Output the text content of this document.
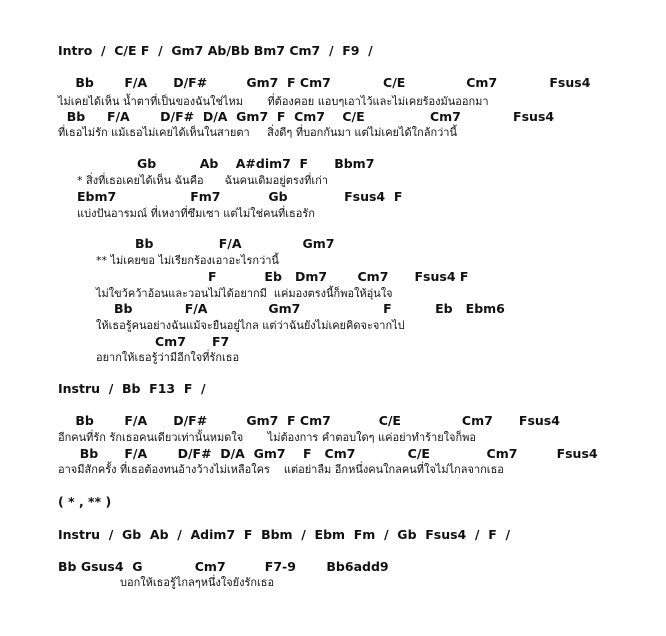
Intro  /  C/E F  /  Gm7 Ab/Bb Bm7 Cm7  /  F9  /
Bb       F/A      D/F#         Gm7  F Cm7            C/E              Cm7            Fsus4
ไม่เคยได้เห็น น้ำตาที่เป็นของฉันใช่ไหม       ที่ต้องคอย แอบๆเอาไว้และไม่เคยร้องมันออกมา
Bb     F/A       D/F#  D/A  Gm7  F  Cm7    C/E               Cm7            Fsus4
ที่เธอไม่รัก แม้เธอไม่เคยได้เห็นในสายตา     สิ่งดีๆ ที่บอกกันมา แต่ไม่เคยได้ใกล้กว่านี้
Gb          Ab    A#dim7  F      Bbm7
* สิ่งที่เธอเคยได้เห็น ฉันคือ      ฉันคนเดิมอยู่ตรงที่เก่า
Ebm7                 Fm7           Gb             Fsus4  F
แบ่งปันอารมณ์ ที่เหงาที่ซึมเซา แต่ไม่ใช่คนที่เธอรัก
Bb               F/A              Gm7
** ไม่เคยขอ ไม่เรียกร้องเอาอะไรกว่านี้
F           Eb   Dm7       Cm7      Fsus4 F
ไม่ใขว้คว้าอ้อนและวอนไม่ได้อยากมี  แค่มองตรงนี้ก็พอให้อุ่นใจ
Bb            F/A              Gm7                   F          Eb   Ebm6
ให้เธอรู้คนอย่างฉันแม้จะยืนอยู่ไกล แต่ว่าฉันยังไม่เคยคิดจะจากไป
Cm7      F7
อยากให้เธอรู้ว่ามีอีกใจที่รักเธอ
Instru  /  Bb  F13  F  /
Bb       F/A      D/F#         Gm7  F Cm7           C/E              Cm7      Fsus4
อีกคนที่รัก รักเธอคนเดียวเท่านั้นหมดใจ       ไม่ต้องการ คำตอบใดๆ แค่อย่าทำร้ายใจก็พอ
Bb      F/A       D/F#  D/A  Gm7    F   Cm7            C/E             Cm7         Fsus4
อาจมีสักครั้ง ที่เธอต้องทนอ้างว้างไม่เหลือใคร    แต่อย่าลืม อีกหนึ่งคนใกลคนที่ใจไม่ไกลจากเธอ
( * , ** )
Instru  /  Gb  Ab  /  Adim7  F  Bbm  /  Ebm  Fm  /  Gb  Fsus4  /  F  /
Bb Gsus4  G            Cm7         F7-9       Bb6add9
บอกให้เธอรู้ไกลๆหนึ่งใจยังรักเธอ
